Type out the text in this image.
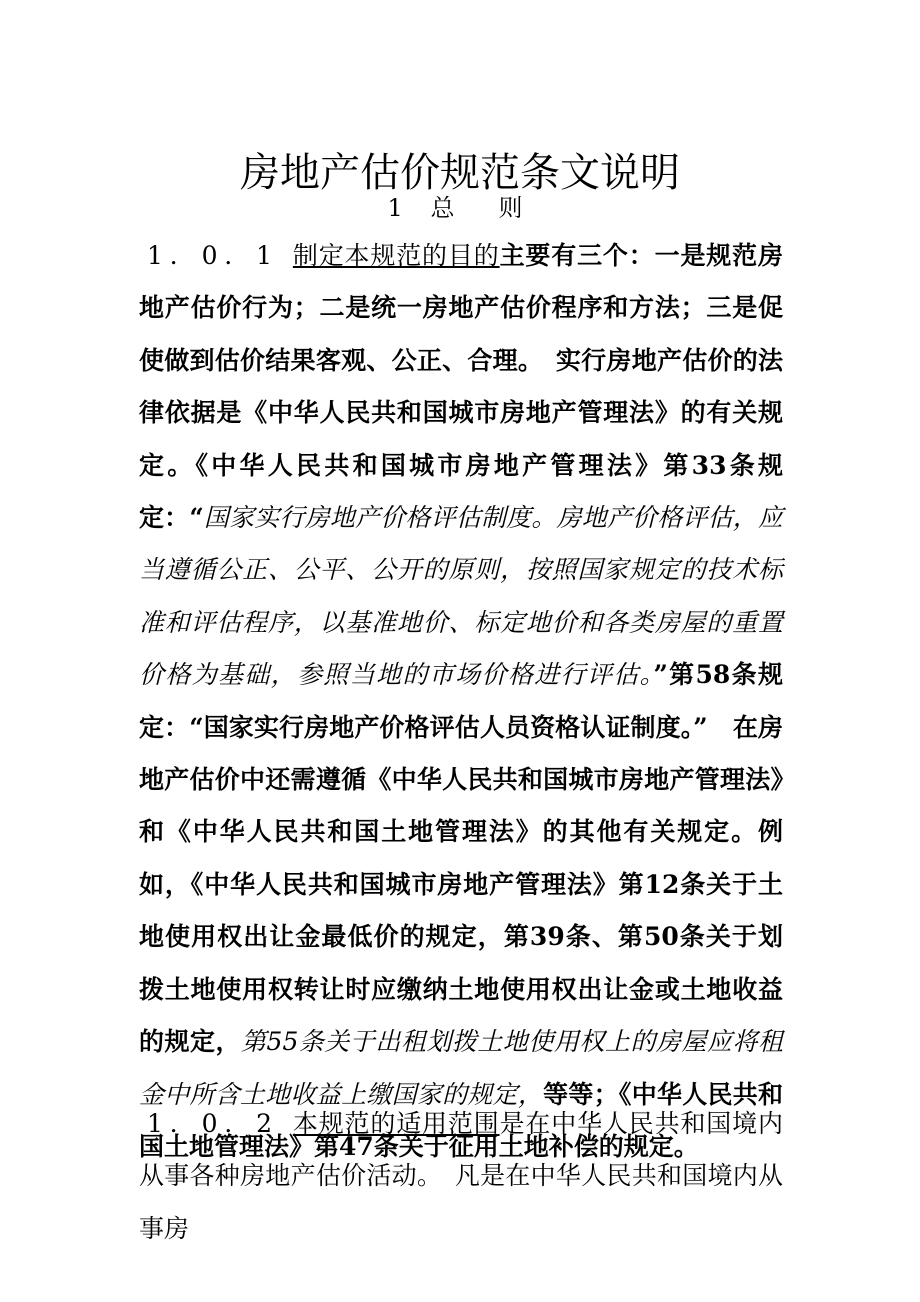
房地产估价规范条文说明
1 总　则

1．0．1 制定本规范的目的主要有三个：一是规范房地产估价行为；二是统一房地产估价程序和方法；三是促使做到估价结果客观、公正、合理。　实行房地产估价的法律依据是《中华人民共和国城市房地产管理法》的有关规定。《中华人民共和国城市房地产管理法》第33条规定：“国家实行房地产价格评估制度。房地产价格评估，应当遵循公正、公平、公开的原则，按照国家规定的技术标准和评估程序，以基准地价、标定地价和各类房屋的重置价格为基础，参照当地的市场价格进行评估。”第58条规定：“国家实行房地产价格评估人员资格认证制度。”　在房地产估价中还需遵循《中华人民共和国城市房地产管理法》和《中华人民共和国土地管理法》的其他有关规定。例如，《中华人民共和国城市房地产管理法》第12条关于土地使用权出让金最低价的规定，第39条、第50条关于划拨土地使用权转让时应缴纳土地使用权出让金或土地收益的规定，第55条关于出租划拨土地使用权上的房屋应将租金中所含土地收益上缴国家的规定，等等；《中华人民共和国土地管理法》第47条关于征用土地补偿的规定。

1．0．2 本规范的适用范围是在中华人民共和国境内从事各种房地产估价活动。　凡是在中华人民共和国境内从事房
